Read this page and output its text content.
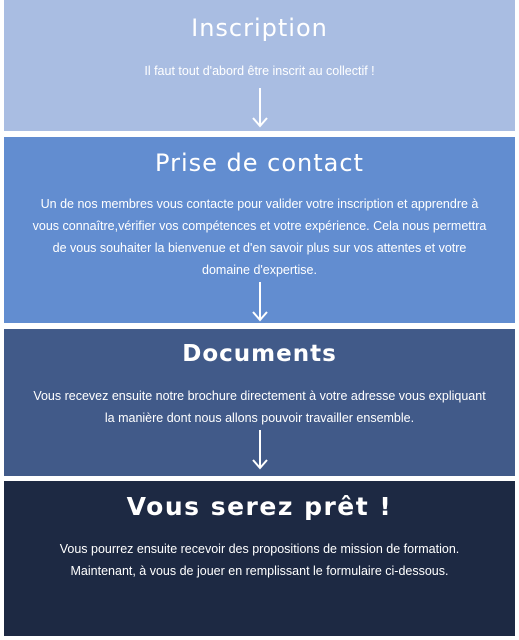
Inscription

Il faut tout d'abord être inscrit au collectif !

Prise de contact

Un de nos membres vous contacte pour valider votre inscription et apprendre à vous connaître,vérifier vos compétences et votre expérience. Cela nous permettra de vous souhaiter la bienvenue et d'en savoir plus sur vos attentes et votre domaine d'expertise.

Documents

Vous recevez ensuite notre brochure directement à votre adresse vous expliquant la manière dont nous allons pouvoir travailler ensemble.

Vous serez prêt !

Vous pourrez ensuite recevoir des propositions de mission de formation. Maintenant, à vous de jouer en remplissant le formulaire ci-dessous.
